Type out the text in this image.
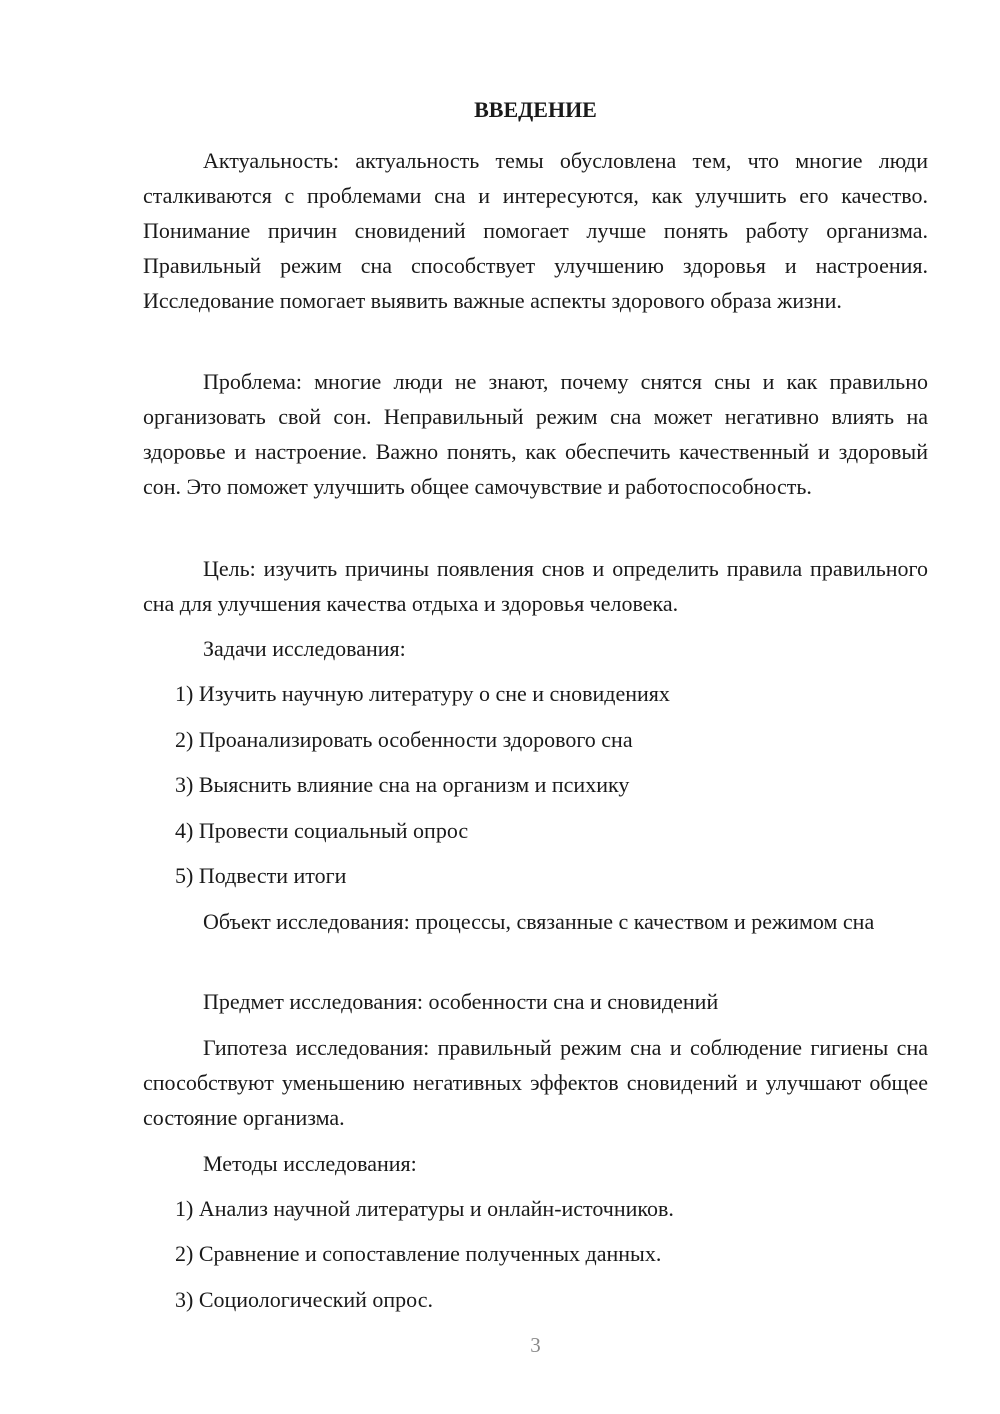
ВВЕДЕНИЕ

Актуальность: актуальность темы обусловлена тем, что многие люди сталкиваются с проблемами сна и интересуются, как улучшить его качество. Понимание причин сновидений помогает лучше понять работу организма. Правильный режим сна способствует улучшению здоровья и настроения. Исследование помогает выявить важные аспекты здорового образа жизни.

Проблема: многие люди не знают, почему снятся сны и как правильно организовать свой сон. Неправильный режим сна может негативно влиять на здоровье и настроение. Важно понять, как обеспечить качественный и здоровый сон. Это поможет улучшить общее самочувствие и работоспособность.

Цель: изучить причины появления снов и определить правила правильного сна для улучшения качества отдыха и здоровья человека.

Задачи исследования:

1) Изучить научную литературу о сне и сновидениях

2) Проанализировать особенности здорового сна

3) Выяснить влияние сна на организм и психику

4) Провести социальный опрос

5) Подвести итоги

Объект исследования: процессы, связанные с качеством и режимом сна

Предмет исследования: особенности сна и сновидений

Гипотеза исследования: правильный режим сна и соблюдение гигиены сна способствуют уменьшению негативных эффектов сновидений и улучшают общее состояние организма.

Методы исследования:

1) Анализ научной литературы и онлайн-источников.

2) Сравнение и сопоставление полученных данных.

3) Социологический опрос.

3
